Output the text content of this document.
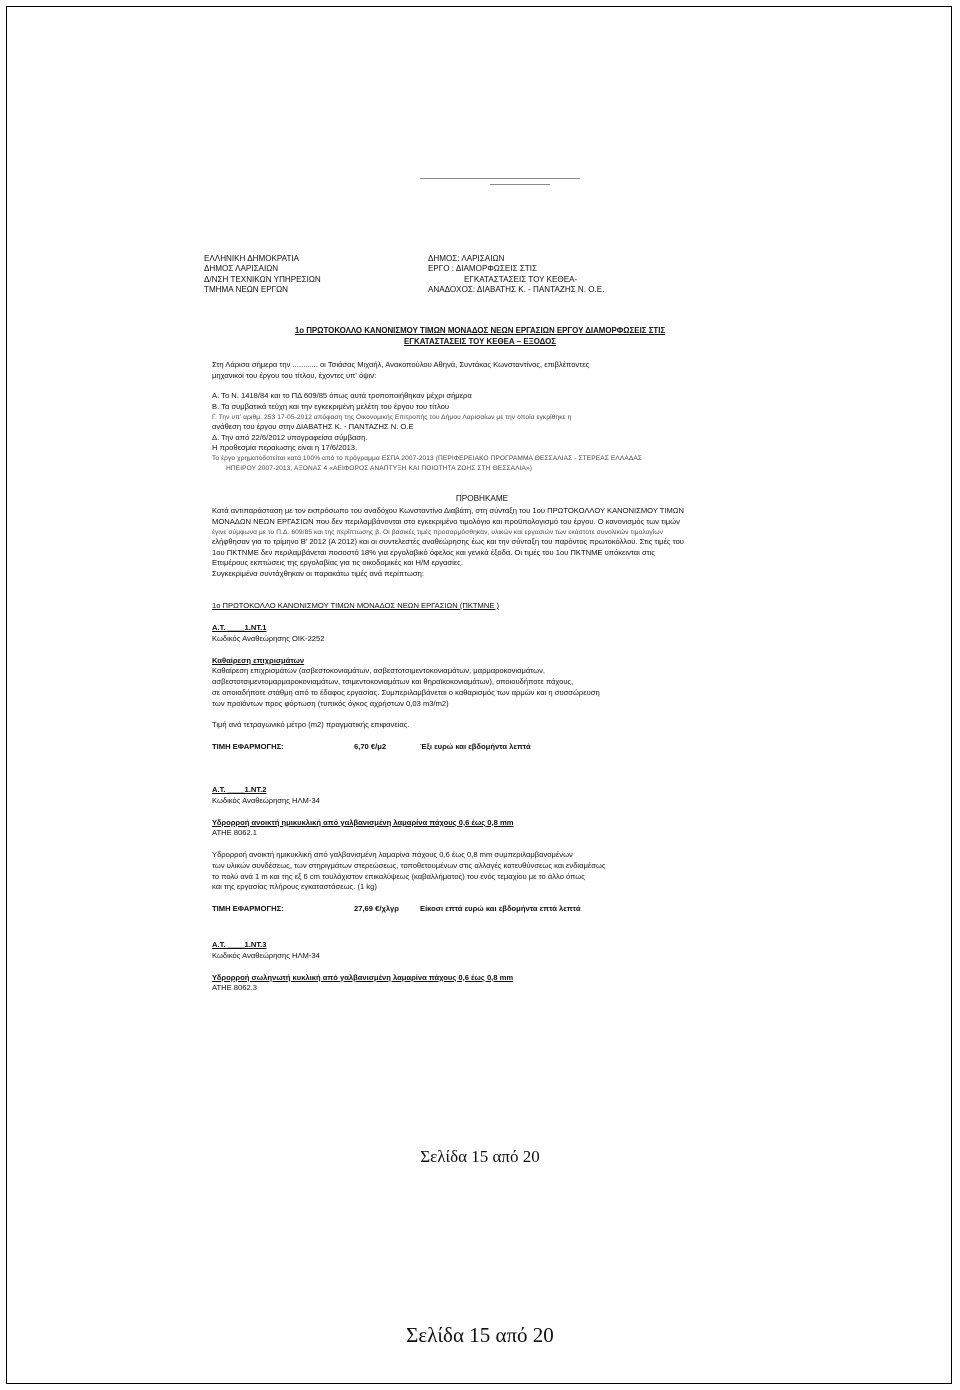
ΕΛΛΗΝΙΚΗ ΔΗΜΟΚΡΑΤΙΑ
ΔΗΜΟΣ ΛΑΡΙΣΑΙΩΝ
Δ/ΝΣΗ ΤΕΧΝΙΚΩΝ ΥΠΗΡΕΣΙΩΝ
ΤΜΗΜΑ ΝΕΩΝ ΕΡΓΩΝ
ΔΗΜΟΣ: ΛΑΡΙΣΑΙΩΝ
ΕΡΓΟ : ΔΙΑΜΟΡΦΩΣΕΙΣ ΣΤΙΣ
ΕΓΚΑΤΑΣΤΑΣΕΙΣ ΤΟΥ ΚΕΘΕΑ-
ΑΝΑΔΟΧΟΣ: ΔΙΑΒΑΤΗΣ Κ. - ΠΑΝΤΑΖΗΣ Ν. Ο.Ε.
1ο ΠΡΩΤΟΚΟΛΛΟ ΚΑΝΟΝΙΣΜΟΥ ΤΙΜΩΝ ΜΟΝΑΔΟΣ ΝΕΩΝ ΕΡΓΑΣΙΩΝ ΕΡΓΟΥ ΔΙΑΜΟΡΦΩΣΕΙΣ ΣΤΙΣ
ΕΓΚΑΤΑΣΤΑΣΕΙΣ ΤΟΥ ΚΕΘΕΑ – ΕΞΟΔΟΣ
Στη Λάρισα σήμερα την ............ οι Τσιάσας Μιχαήλ, Ανακοπούλου Αθηνά, Συντάκας Κωνσταντίνος, επιβλέποντες
μηχανικοί του έργου του τίτλου, έχοντες υπ' όψιν:
Α. Το Ν. 1418/84 και το ΠΔ 609/85 όπως αυτά τροποποιήθηκαν μέχρι σήμερα
Β. Τα συμβατικά τεύχη και την εγκεκριμένη μελέτη του έργου του τίτλου
Γ. Την υπ' αριθμ. 253 17-05-2012 απόφαση της Οικονομικής Επιτροπής του Δήμου Λαρισαίων με την οποία εγκρίθηκε η
ανάθεση του έργου στην ΔΙΑΒΑΤΗΣ Κ. - ΠΑΝΤΑΖΗΣ Ν. Ο.Ε
Δ. Την από 22/6/2012 υπογραφείσα σύμβαση.
Η προθεσμία περαίωσης είναι η 17/6/2013.
Το έργο χρηματοδοτείται κατά 100% από το πρόγραμμα ΕΣΠΑ 2007-2013 (ΠΕΡΙΦΕΡΕΙΑΚΟ ΠΡΟΓΡΑΜΜΑ ΘΕΣΣΑΛΙΑΣ - ΣΤΕΡΕΑΣ ΕΛΛΑΔΑΣ
ΗΠΕΙΡΟΥ 2007-2013, ΑΞΟΝΑΣ 4 «ΑΕΙΦΟΡΟΣ ΑΝΑΠΤΥΞΗ ΚΑΙ ΠΟΙΟΤΗΤΑ ΖΩΗΣ ΣΤΗ ΘΕΣΣΑΛΙΑ»)
ΠΡΟΒΗΚΑΜΕ
Κατά αντιπαράσταση με τον εκπρόσωπο του αναδόχου Κωνσταντίνο Διαβάτη, στη σύνταξη του 1ου ΠΡΩΤΟΚΟΛΛΟΥ ΚΑΝΟΝΙΣΜΟΥ ΤΙΜΩΝ
ΜΟΝΑΔΩΝ ΝΕΩΝ ΕΡΓΑΣΙΩΝ που δεν περιλαμβάνονται στο εγκεκριμένο τιμολόγιο και προϋπολογισμό του έργου. Ο κανονισμός των τιμών
έγινε σύμφωνα με το Π.Δ. 609/85 και της περίπτωσης β. Οι βασικές τιμές προσαρμόσθηκαν, υλικών και εργασιών των εκάστοτε συνολικών τιμολογίων
ελήφθησαν για το τρίμηνο Β' 2012 (Α 2012) και οι συντελεστές αναθεώρησης έως και την σύνταξη του παρόντος πρωτοκόλλου. Στις τιμές του
1ου ΠΚΤΝΜΕ δεν περιλαμβάνεται ποσοστό 18% για εργολαβικό όφελος και γενικά έξοδα. Οι τιμές του 1ου ΠΚΤΝΜΕ υπόκεινται στις
Επιμέρους εκπτώσεις της εργολαβίας για τις οικοδομικές και Η/Μ εργασίες.
Συγκεκριμένα συντάχθηκαν οι παρακάτω τιμές ανά περίπτωση:
1ο ΠΡΩΤΟΚΟΛΛΟ ΚΑΝΟΝΙΣΜΟΥ ΤΙΜΩΝ ΜΟΝΑΔΟΣ ΝΕΩΝ ΕΡΓΑΣΙΩΝ (ΠΚΤΜΝΕ )
Α.Τ. ____1.ΝΤ.1
Κωδικός Αναθεώρησης ΟΙΚ-2252
Καθαίρεση επιχρισμάτων
Καθαίρεση επιχρισμάτων (ασβεστοκονιαμάτων, ασβεστοτσιμεντοκονιαμάτων, μαρμαροκονιαμάτων,
ασβεστοτσιμεντομαρμαροκονιαμάτων, τσιμεντοκονιαμάτων και θηραϊκοκονιαμάτων), οποιουδήποτε πάχους,
σε οποιαδήποτε στάθμη από το έδαφος εργασίας. Συμπεριλαμβάνεται ο καθαρισμός των αρμών και η συσσώρευση
των προϊόντων προς φόρτωση (τυπικός όγκος αχρήστων 0,03 m3/m2)
Τιμή ανά τετραγωνικό μέτρο (m2) πραγματικής επιφανείας.
ΤΙΜΗ ΕΦΑΡΜΟΓΗΣ:	6,70 €/μ2	Έξι ευρώ και εβδομήντα λεπτά
Α.Τ. ____1.ΝΤ.2
Κωδικός Αναθεώρησης ΗΛΜ-34
Υδρορροή ανοικτή ημικυκλική από γαλβανισμένη λαμαρίνα πάχους 0,6 έως 0,8 mm
ΑΤΗΕ 8062.1
Υδρορροή ανοικτή ημικυκλική από γαλβανισμένη λαμαρίνα πάχους 0,6 έως 0,8 mm συμπεριλαμβανομένων
των υλικών συνδέσεως, των στηριγμάτων στερεώσεως, τοποθετουμένων στις αλλαγές κατευθύνσεως και ενδιαμέσως
το πολύ ανά 1 m και της εξ 6 cm τουλάχιστον επικαλύψεως (καβαλλήματος) του ενός τεμαχίου με το άλλο όπως
και της εργασίας πλήρους εγκαταστάσεως. (1 kg)
ΤΙΜΗ ΕΦΑΡΜΟΓΗΣ:	27,69 €/χλγρ	Είκοσι επτά ευρώ και εβδομήντα επτά λεπτά
Α.Τ. ____1.ΝΤ.3
Κωδικός Αναθεώρησης ΗΛΜ-34
Υδρορροή σωληνωτή κυκλική από γαλβανισμένη λαμαρίνα πάχους 0,6 έως 0,8 mm
ΑΤΗΕ 8062.3
Σελίδα 15 από 20
Σελίδα 15 από 20
